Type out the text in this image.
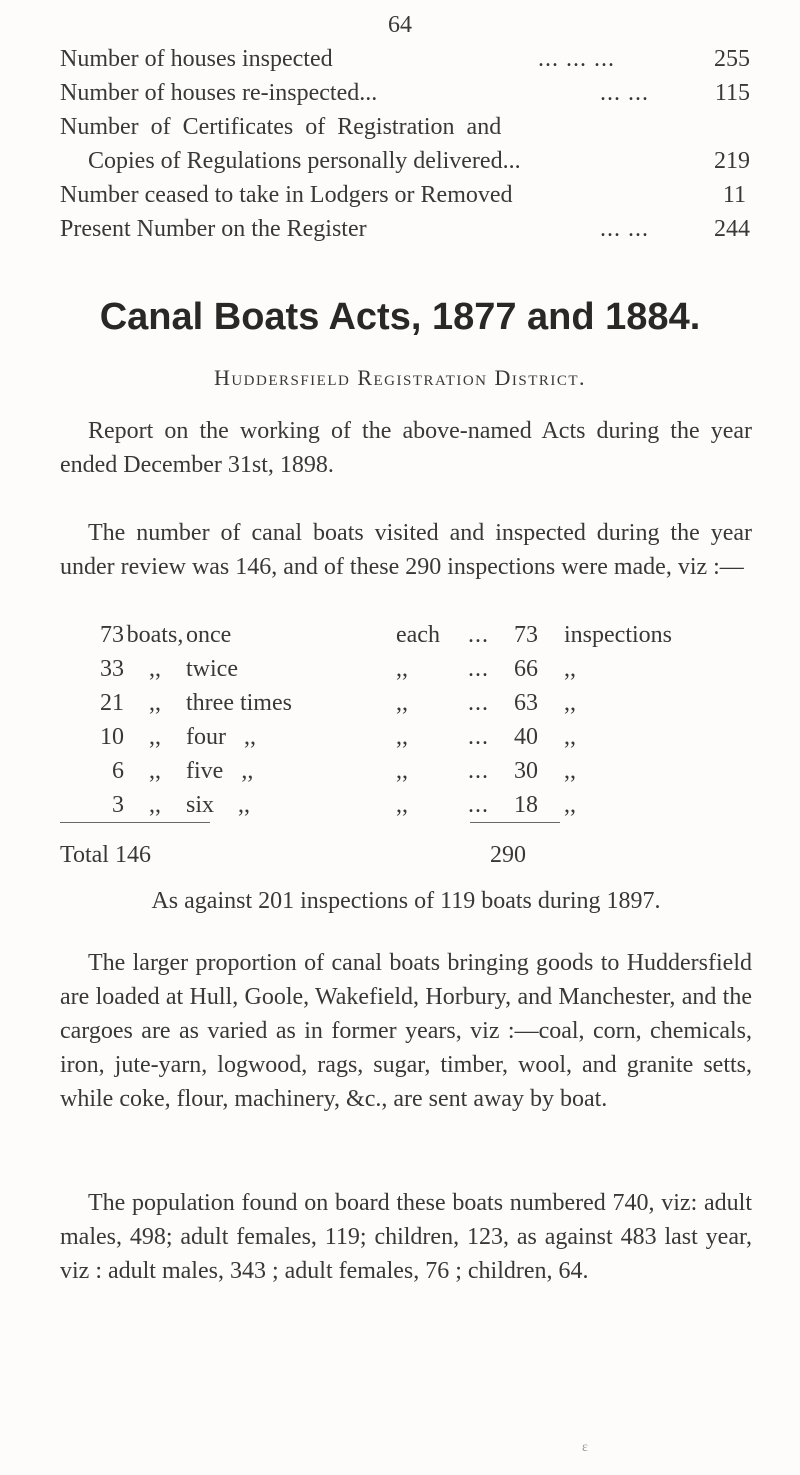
64
Number of houses inspected	... ... ...	255
Number of houses re-inspected...	... ...	115
Number of Certificates of Registration and
Copies of Regulations personally delivered...	219
Number ceased to take in Lodgers or Removed	11
Present Number on the Register	... ...	244
Canal Boats Acts, 1877 and 1884.
Huddersfield Registration District.
Report on the working of the above-named Acts during the year ended December 31st, 1898.
The number of canal boats visited and inspected during the year under review was 146, and of these 290 inspections were made, viz :—
73	boats,	once	each	...	73	inspections
33	,,	twice	,,	...	66	,,
21	,,	three times	,,	...	63	,,
10	,,	four   ,,	,,	...	40	,,
6	,,	five   ,,	,,	...	30	,,
3	,,	six    ,,	,,	...	18	,,
Total 146	290
As against 201 inspections of 119 boats during 1897.
The larger proportion of canal boats bringing goods to Huddersfield are loaded at Hull, Goole, Wakefield, Horbury, and Manchester, and the cargoes are as varied as in former years, viz :—coal, corn, chemicals, iron, jute-yarn, logwood, rags, sugar, timber, wool, and granite setts, while coke, flour, machinery, &c., are sent away by boat.
The population found on board these boats numbered 740, viz: adult males, 498; adult females, 119; children, 123, as against 483 last year, viz : adult males, 343 ; adult females, 76 ; children, 64.
ɛ
